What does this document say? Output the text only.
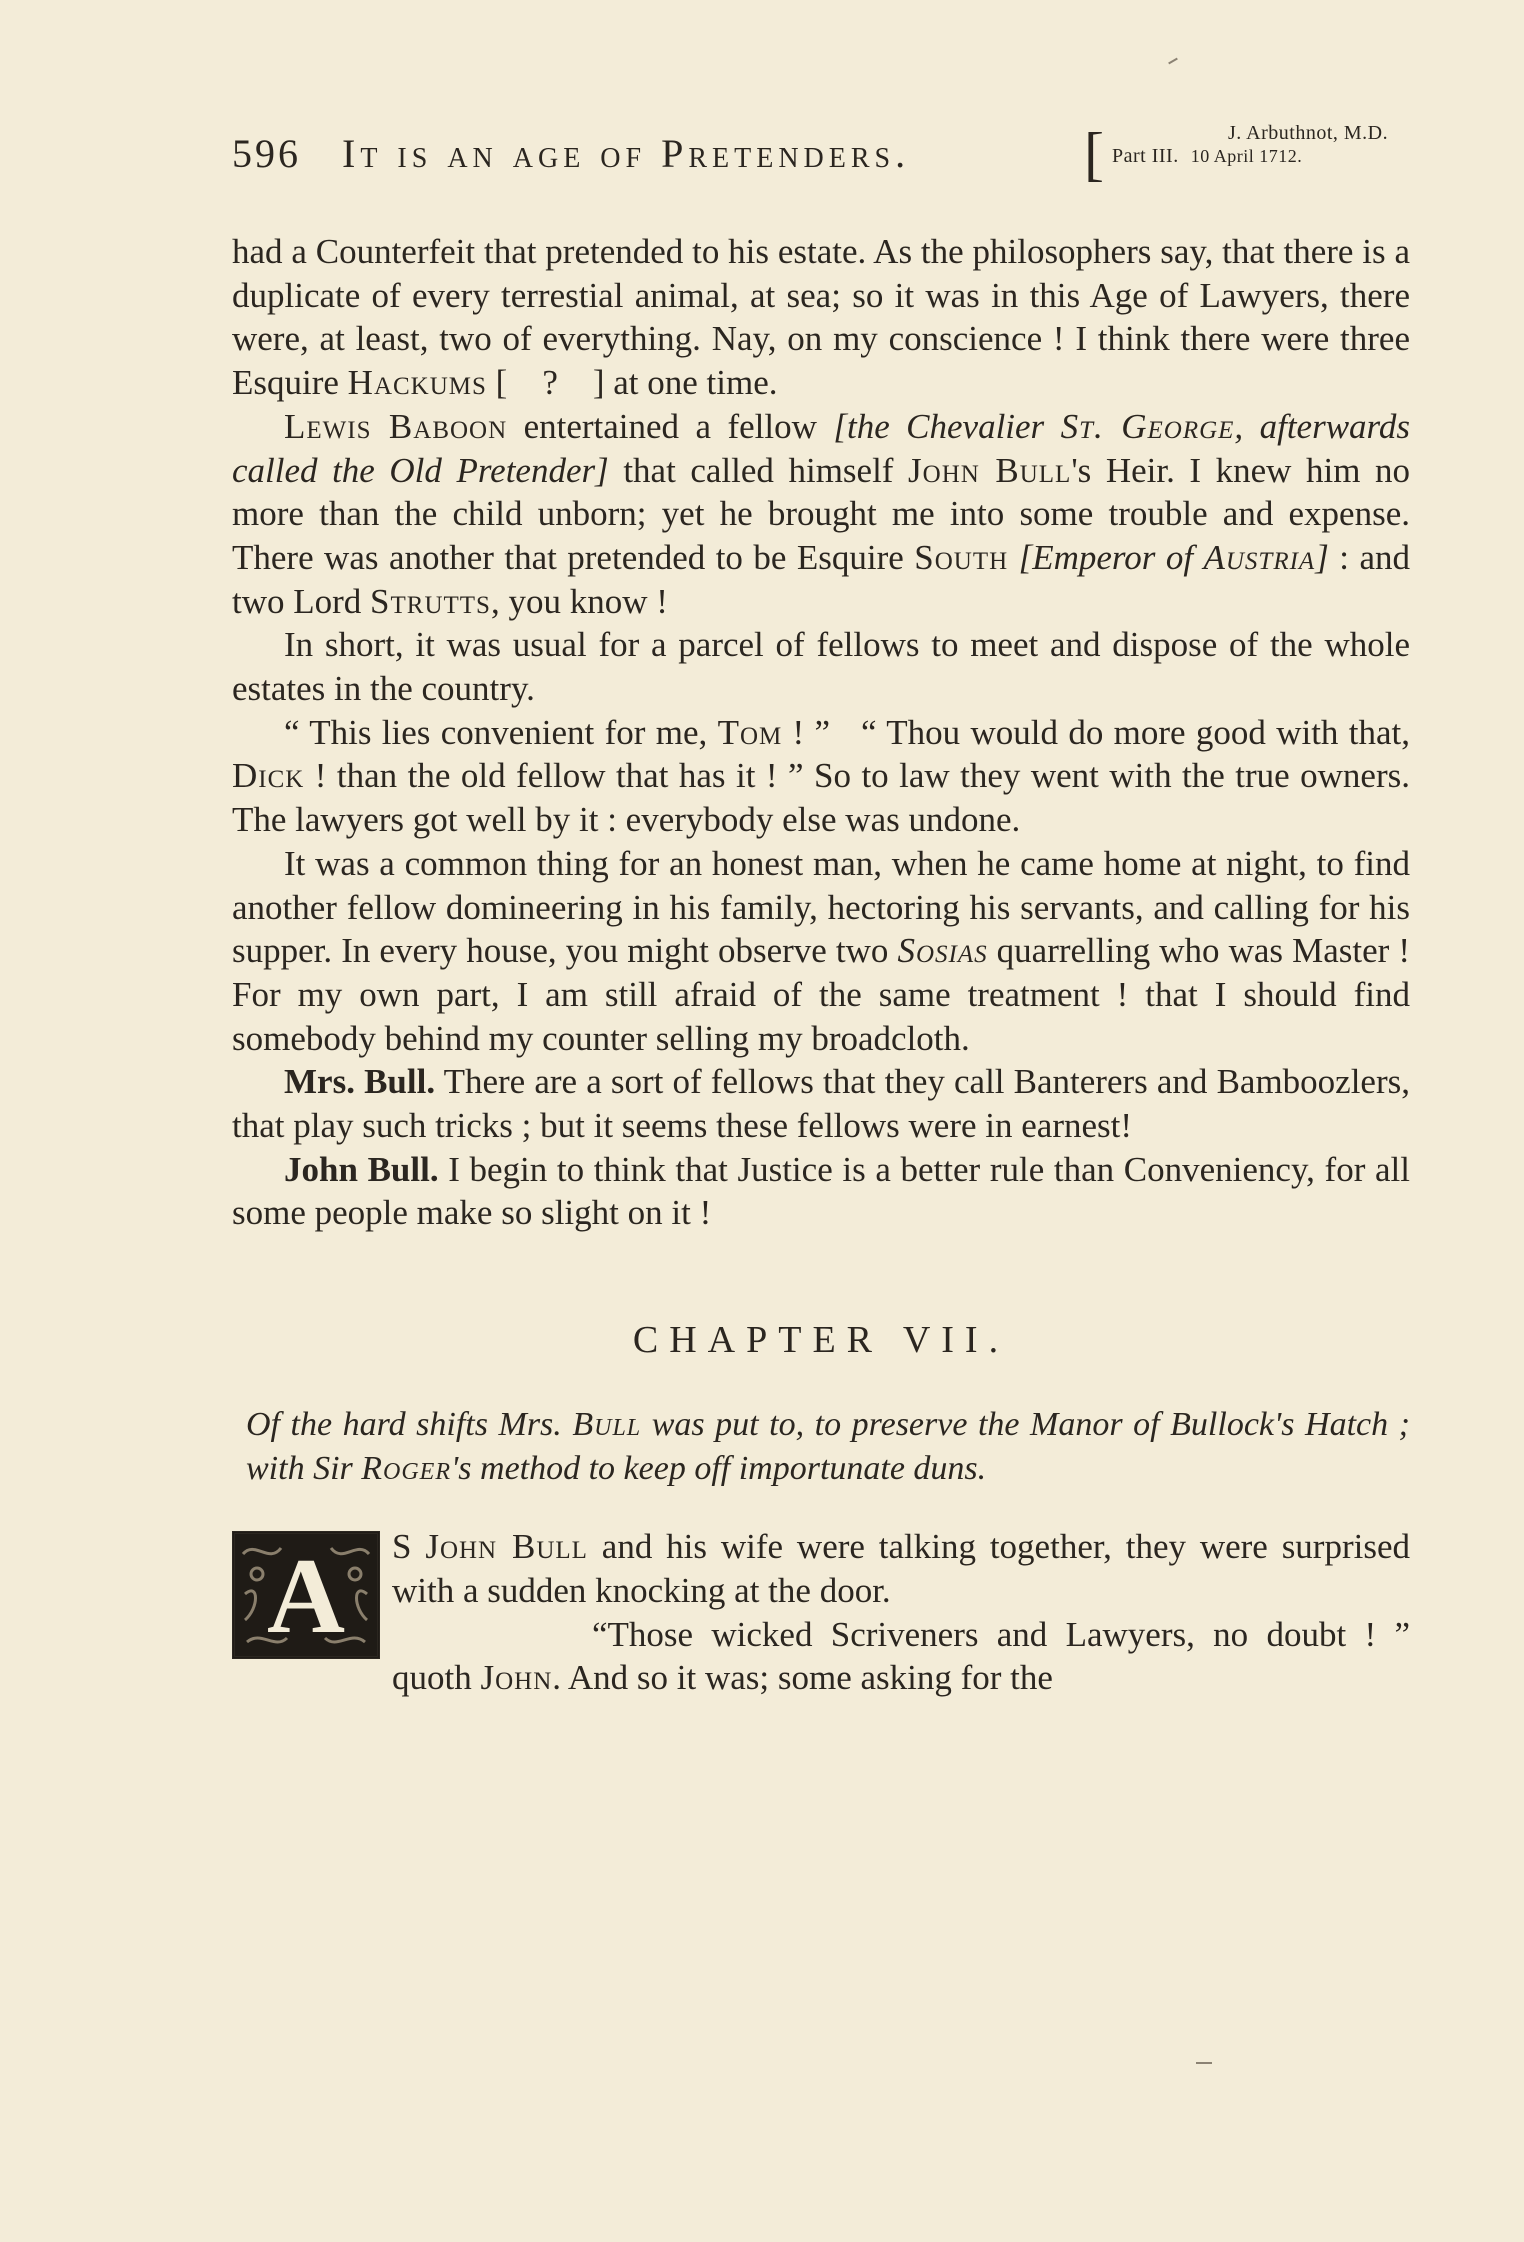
596 It is an age of Pretenders.	[	J. Arbuthnot, M.D.
Part III. 10 April 1712.

had a Counterfeit that pretended to his estate. As the philosophers say, that there is a duplicate of every terrestial animal, at sea; so it was in this Age of Lawyers, there were, at least, two of everything. Nay, on my conscience ! I think there were three Esquire Hackums [    ?    ] at one time.

Lewis Baboon entertained a fellow [the Chevalier St. George, afterwards called the Old Pretender] that called himself John Bull's Heir. I knew him no more than the child unborn; yet he brought me into some trouble and expense. There was another that pretended to be Esquire South [Emperor of Austria] : and two Lord Strutts, you know !

In short, it was usual for a parcel of fellows to meet and dispose of the whole estates in the country.

“ This lies convenient for me, Tom ! ”   “ Thou would do more good with that, Dick ! than the old fellow that has it ! ” So to law they went with the true owners. The lawyers got well by it : everybody else was undone.

It was a common thing for an honest man, when he came home at night, to find another fellow domineering in his family, hectoring his servants, and calling for his supper. In every house, you might observe two Sosias quarrelling who was Master ! For my own part, I am still afraid of the same treatment ! that I should find somebody behind my counter selling my broadcloth.

Mrs. Bull. There are a sort of fellows that they call Banterers and Bamboozlers, that play such tricks ; but it seems these fellows were in earnest!

John Bull. I begin to think that Justice is a better rule than Conveniency, for all some people make so slight on it !

CHAPTER VII.

Of the hard shifts Mrs. Bull was put to, to preserve the Manor of Bullock's Hatch ; with Sir Roger's method to keep off importunate duns.

A	S John Bull and his wife were talking together, they were surprised with a sudden knocking at the door.

“Those wicked Scriveners and Lawyers, no doubt ! ” quoth John. And so it was; some asking for the
